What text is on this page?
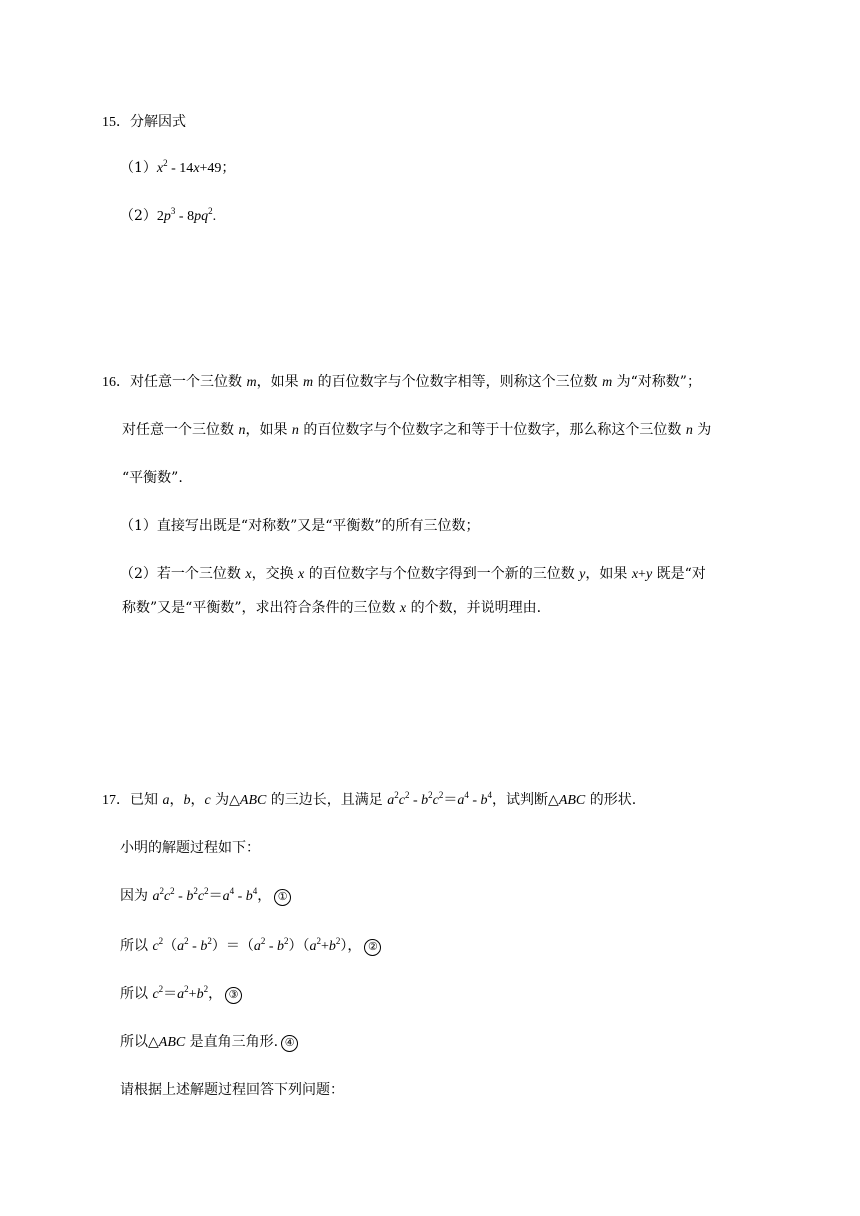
15．分解因式
$(1)x^2 - 14x+49$；
$(2)2p^3 - 8pq^2$.
16．对任意一个三位数 m，如果 m 的百位数字与个位数字相等，则称这个三位数 m 为“对称数”；
对任意一个三位数 n，如果 n 的百位数字与个位数字之和等于十位数字，那么称这个三位数 n 为
“平衡数”.
（1）直接写出既是“对称数”又是“平衡数”的所有三位数；
（2）若一个三位数 x，交换 x 的百位数字与个位数字得到一个新的三位数 y，如果 x+y 既是“对
称数”又是“平衡数”，求出符合条件的三位数 x 的个数，并说明理由.
17．已知 a，b，c 为△ABC 的三边长，且满足 $a^2c^2 - b^2c^2=a^4 - b^4$，试判断△ABC 的形状.
小明的解题过程如下：
因为 $a^2c^2 - b^2c^2=a^4 - b^4$， ①
所以 $c^2(a^2 - b^2)=(a^2 - b^2)(a^2+b^2)$， ②
所以 $c^2=a^2+b^2$， ③
所以△ABC 是直角三角形. ④
请根据上述解题过程回答下列问题：
